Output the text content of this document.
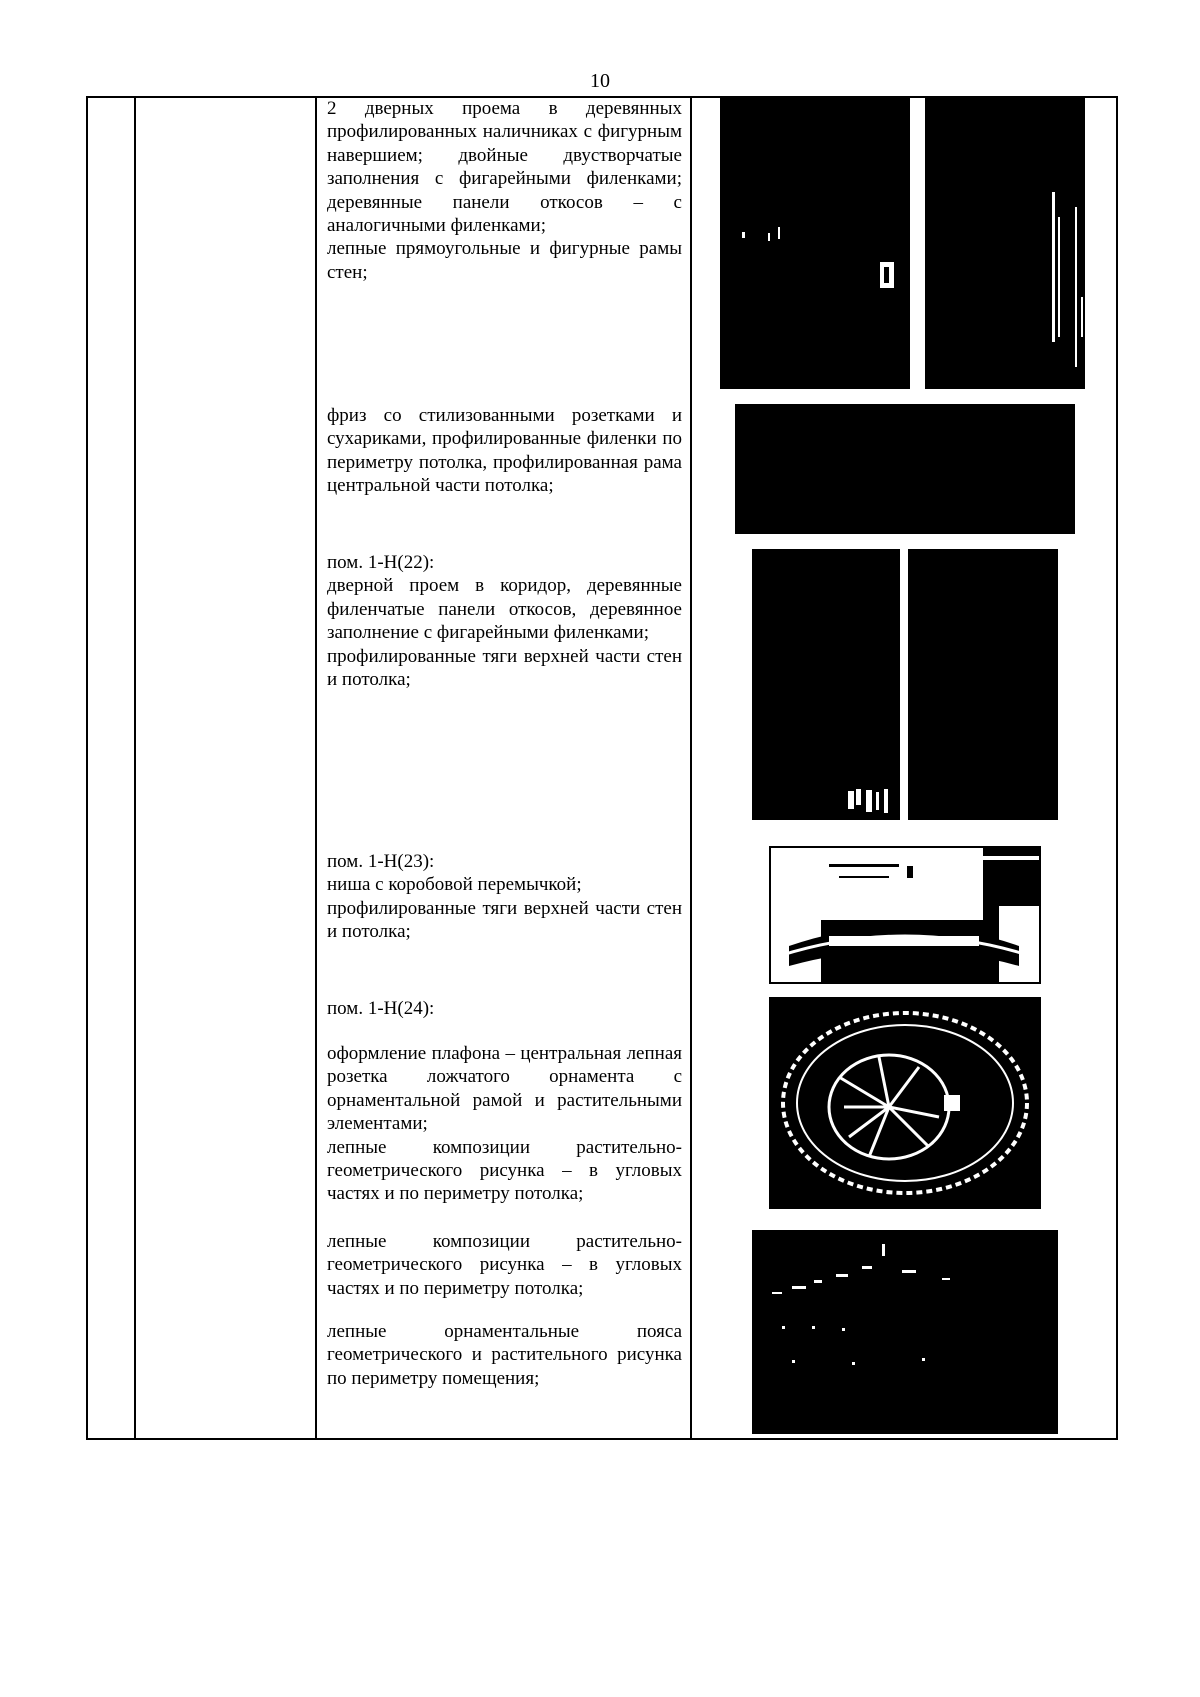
10

2 дверных проема в деревянных профилированных наличниках с фигурным навершием; двойные двустворчатые заполнения с фигарейными филенками; деревянные панели откосов – с аналогичными филенками;

лепные прямоугольные и фигурные рамы стен;

фриз со стилизованными розетками и сухариками, профилированные филенки по периметру потолка, профилированная рама центральной части потолка;

пом. 1-Н(22):

дверной проем в коридор, деревянные филенчатые панели откосов, деревянное заполнение с фигарейными филенками;

профилированные тяги верхней части стен и потолка;

пом. 1-Н(23):

ниша с коробовой перемычкой;

профилированные тяги верхней части стен и потолка;

пом. 1-Н(24):

оформление плафона – центральная лепная розетка ложчатого орнамента с орнаментальной рамой и растительными элементами;

лепные композиции растительно-геометрического рисунка – в угловых частях и по периметру потолка;

лепные композиции растительно-геометрического рисунка – в угловых частях и по периметру потолка;

лепные орнаментальные пояса геометрического и растительного рисунка по периметру помещения;
